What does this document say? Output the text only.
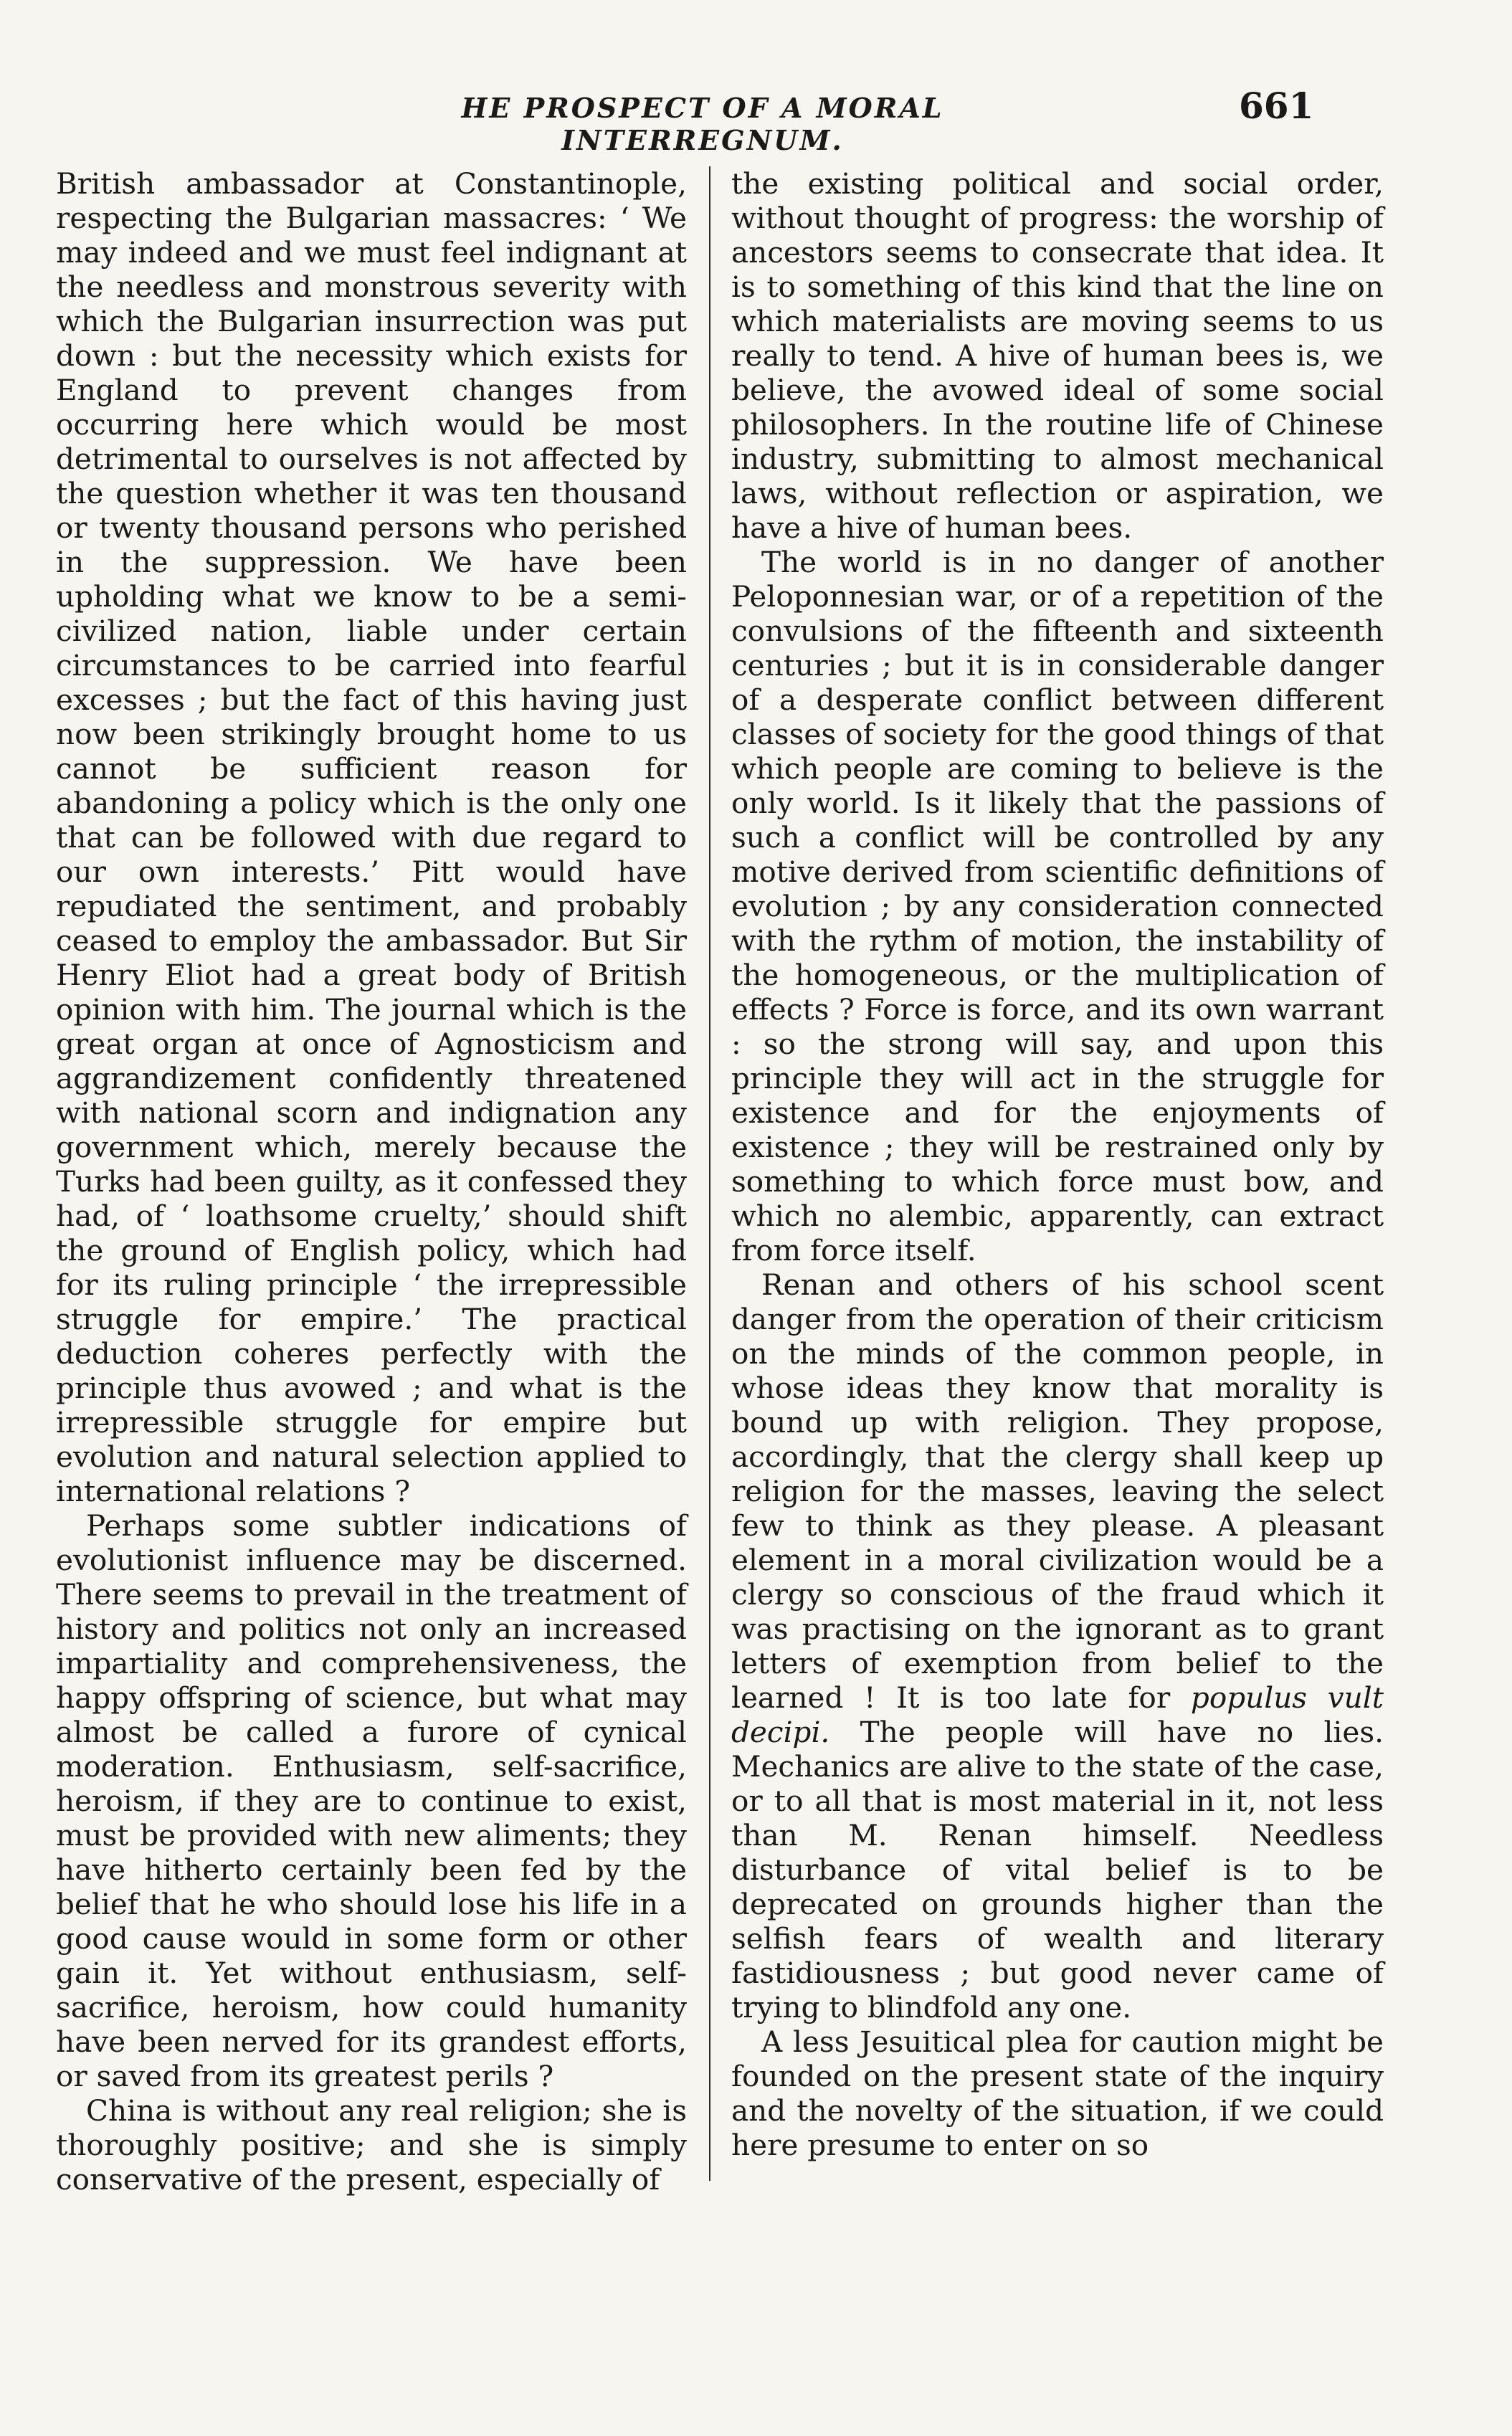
HE PROSPECT OF A MORAL INTERREGNUM.
661

British ambassador at Constantinople, respecting the Bulgarian massacres: ‘ We may indeed and we must feel indignant at the needless and monstrous severity with which the Bulgarian insurrection was put down : but the necessity which exists for England to prevent changes from occurring here which would be most detrimental to ourselves is not affected by the question whether it was ten thousand or twenty thousand persons who perished in the suppression. We have been upholding what we know to be a semi-civilized nation, liable under certain circumstances to be carried into fearful excesses ; but the fact of this having just now been strikingly brought home to us cannot be sufficient reason for abandoning a policy which is the only one that can be followed with due regard to our own interests.’ Pitt would have repudiated the sentiment, and probably ceased to employ the ambassador. But Sir Henry Eliot had a great body of British opinion with him. The journal which is the great organ at once of Agnosticism and aggrandizement confidently threatened with national scorn and indignation any government which, merely because the Turks had been guilty, as it confessed they had, of ‘ loathsome cruelty,’ should shift the ground of English policy, which had for its ruling principle ‘ the irrepressible struggle for empire.’ The practical deduction coheres perfectly with the principle thus avowed ; and what is the irrepressible struggle for empire but evolution and natural selection applied to international relations ?

Perhaps some subtler indications of evolutionist influence may be discerned. There seems to prevail in the treatment of history and politics not only an increased impartiality and comprehensiveness, the happy offspring of science, but what may almost be called a furore of cynical moderation. Enthusiasm, self-sacrifice, heroism, if they are to continue to exist, must be provided with new aliments; they have hitherto certainly been fed by the belief that he who should lose his life in a good cause would in some form or other gain it. Yet without enthusiasm, self-sacrifice, heroism, how could humanity have been nerved for its grandest efforts, or saved from its greatest perils ?

China is without any real religion; she is thoroughly positive; and she is simply conservative of the present, especially of

the existing political and social order, without thought of progress: the worship of ancestors seems to consecrate that idea. It is to something of this kind that the line on which materialists are moving seems to us really to tend. A hive of human bees is, we believe, the avowed ideal of some social philosophers. In the routine life of Chinese industry, submitting to almost mechanical laws, without reflection or aspiration, we have a hive of human bees.

The world is in no danger of another Peloponnesian war, or of a repetition of the convulsions of the fifteenth and sixteenth centuries ; but it is in considerable danger of a desperate conflict between different classes of society for the good things of that which people are coming to believe is the only world. Is it likely that the passions of such a conflict will be controlled by any motive derived from scientific definitions of evolution ; by any consideration connected with the rythm of motion, the instability of the homogeneous, or the multiplication of effects ? Force is force, and its own warrant : so the strong will say, and upon this principle they will act in the struggle for existence and for the enjoyments of existence ; they will be restrained only by something to which force must bow, and which no alembic, apparently, can extract from force itself.

Renan and others of his school scent danger from the operation of their criticism on the minds of the common people, in whose ideas they know that morality is bound up with religion. They propose, accordingly, that the clergy shall keep up religion for the masses, leaving the select few to think as they please. A pleasant element in a moral civilization would be a clergy so conscious of the fraud which it was practising on the ignorant as to grant letters of exemption from belief to the learned ! It is too late for populus vult decipi. The people will have no lies. Mechanics are alive to the state of the case, or to all that is most material in it, not less than M. Renan himself. Needless disturbance of vital belief is to be deprecated on grounds higher than the selfish fears of wealth and literary fastidiousness ; but good never came of trying to blindfold any one.

A less Jesuitical plea for caution might be founded on the present state of the inquiry and the novelty of the situation, if we could here presume to enter on so
